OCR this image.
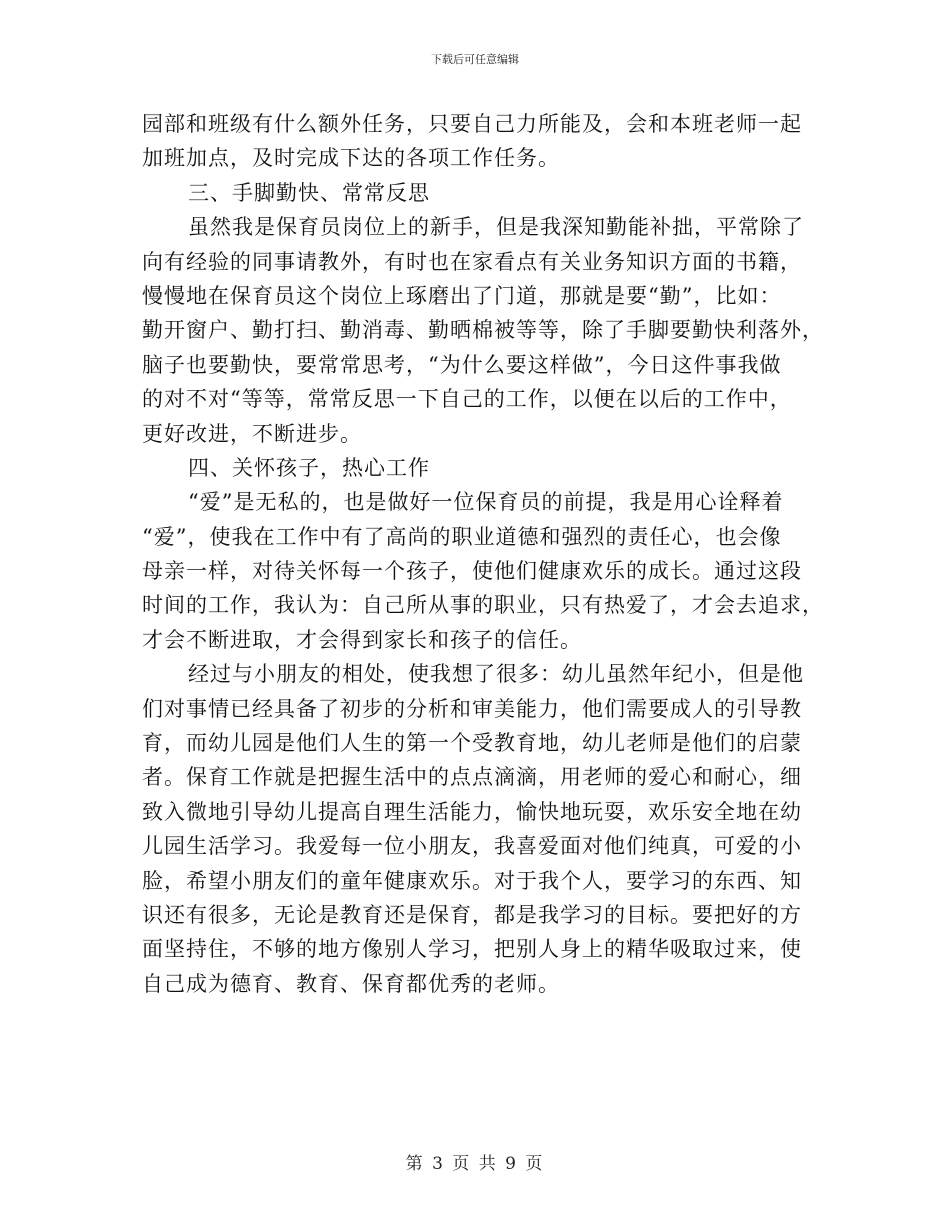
下载后可任意编辑
园部和班级有什么额外任务，只要自己力所能及，会和本班老师一起
加班加点，及时完成下达的各项工作任务。
三、手脚勤快、常常反思
虽然我是保育员岗位上的新手，但是我深知勤能补拙，平常除了
向有经验的同事请教外，有时也在家看点有关业务知识方面的书籍，
慢慢地在保育员这个岗位上琢磨出了门道，那就是要“勤”，比如：
勤开窗户、勤打扫、勤消毒、勤晒棉被等等，除了手脚要勤快利落外，
脑子也要勤快，要常常思考，“为什么要这样做”，今日这件事我做
的对不对“等等，常常反思一下自己的工作，以便在以后的工作中，
更好改进，不断进步。
四、关怀孩子，热心工作
“爱”是无私的，也是做好一位保育员的前提，我是用心诠释着
“爱”，使我在工作中有了高尚的职业道德和强烈的责任心，也会像
母亲一样，对待关怀每一个孩子，使他们健康欢乐的成长。通过这段
时间的工作，我认为：自己所从事的职业，只有热爱了，才会去追求，
才会不断进取，才会得到家长和孩子的信任。
经过与小朋友的相处，使我想了很多：幼儿虽然年纪小，但是他
们对事情已经具备了初步的分析和审美能力，他们需要成人的引导教
育，而幼儿园是他们人生的第一个受教育地，幼儿老师是他们的启蒙
者。保育工作就是把握生活中的点点滴滴，用老师的爱心和耐心，细
致入微地引导幼儿提高自理生活能力，愉快地玩耍，欢乐安全地在幼
儿园生活学习。我爱每一位小朋友，我喜爱面对他们纯真，可爱的小
脸，希望小朋友们的童年健康欢乐。对于我个人，要学习的东西、知
识还有很多，无论是教育还是保育，都是我学习的目标。要把好的方
面坚持住，不够的地方像别人学习，把别人身上的精华吸取过来，使
自己成为德育、教育、保育都优秀的老师。
第 3 页 共 9 页
